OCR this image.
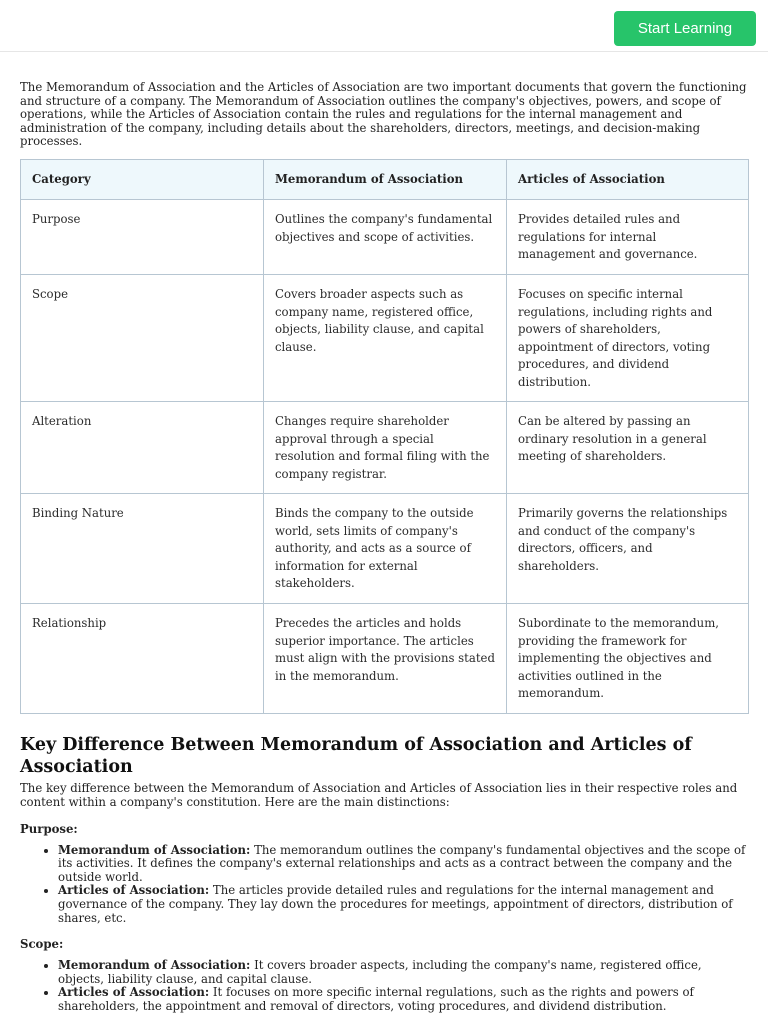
Start Learning

The Memorandum of Association and the Articles of Association are two important documents that govern the functioning and structure of a company. The Memorandum of Association outlines the company's objectives, powers, and scope of operations, while the Articles of Association contain the rules and regulations for the internal management and administration of the company, including details about the shareholders, directors, meetings, and decision-making processes.

Category	Memorandum of Association	Articles of Association
Purpose	Outlines the company's fundamental objectives and scope of activities.	Provides detailed rules and regulations for internal management and governance.
Scope	Covers broader aspects such as company name, registered office, objects, liability clause, and capital clause.	Focuses on specific internal regulations, including rights and powers of shareholders, appointment of directors, voting procedures, and dividend distribution.
Alteration	Changes require shareholder approval through a special resolution and formal filing with the company registrar.	Can be altered by passing an ordinary resolution in a general meeting of shareholders.
Binding Nature	Binds the company to the outside world, sets limits of company's authority, and acts as a source of information for external stakeholders.	Primarily governs the relationships and conduct of the company's directors, officers, and shareholders.
Relationship	Precedes the articles and holds superior importance. The articles must align with the provisions stated in the memorandum.	Subordinate to the memorandum, providing the framework for implementing the objectives and activities outlined in the memorandum.
Key Difference Between Memorandum of Association and Articles of Association

The key difference between the Memorandum of Association and Articles of Association lies in their respective roles and content within a company's constitution. Here are the main distinctions:

Purpose:
• Memorandum of Association: The memorandum outlines the company's fundamental objectives and the scope of its activities. It defines the company's external relationships and acts as a contract between the company and the outside world.
• Articles of Association: The articles provide detailed rules and regulations for the internal management and governance of the company. They lay down the procedures for meetings, appointment of directors, distribution of shares, etc.
Scope:
• Memorandum of Association: It covers broader aspects, including the company's name, registered office, objects, liability clause, and capital clause.
• Articles of Association: It focuses on more specific internal regulations, such as the rights and powers of shareholders, the appointment and removal of directors, voting procedures, and dividend distribution.
